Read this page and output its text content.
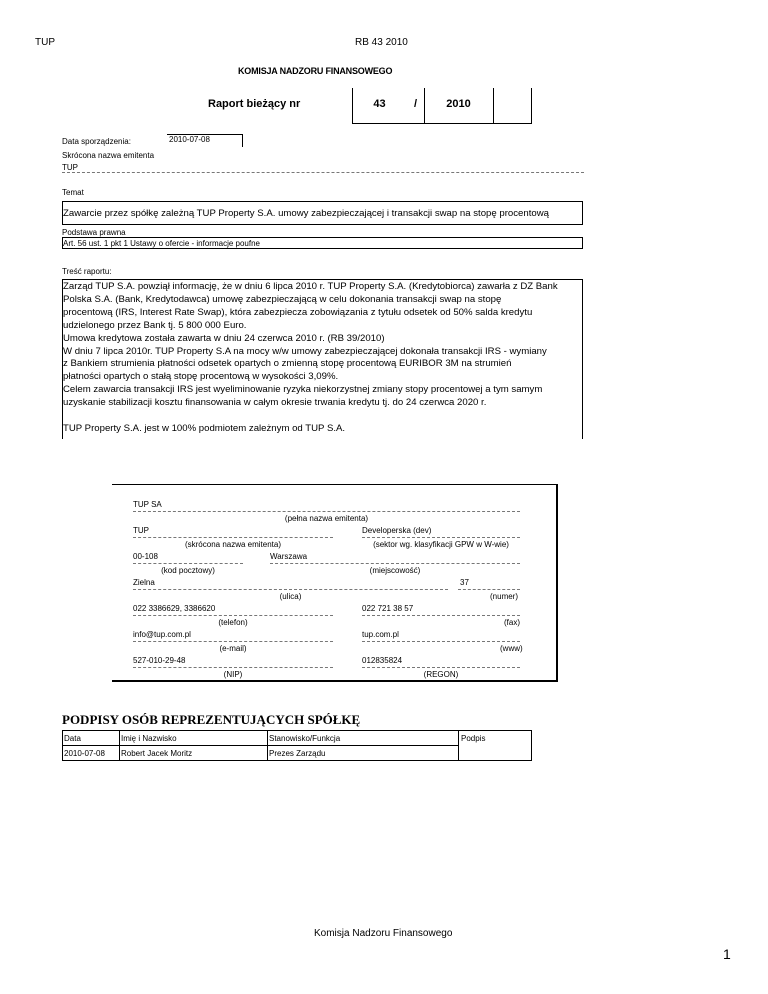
TUP	RB 43 2010
KOMISJA NADZORU FINANSOWEGO
Raport bieżący nr	43	/	2010
Data sporządzenia:	2010-07-08
Skrócona nazwa emitenta
TUP
Temat
Zawarcie przez spółkę zależną TUP Property S.A. umowy zabezpieczającej i transakcji swap na stopę procentową
Podstawa prawna
Art. 56 ust. 1 pkt 1 Ustawy o ofercie - informacje poufne
Treść raportu:
Zarząd TUP S.A. powziął informację, że w dniu 6 lipca 2010 r. TUP Property S.A. (Kredytobiorca) zawarła z DZ Bank
Polska S.A. (Bank, Kredytodawca) umowę zabezpieczającą w celu dokonania transakcji swap na stopę
procentową (IRS, Interest Rate Swap), która zabezpiecza zobowiązania z tytułu odsetek od 50% salda kredytu
udzielonego przez Bank tj. 5 800 000 Euro.
Umowa kredytowa została zawarta w dniu 24 czerwca 2010 r. (RB 39/2010)
W dniu 7 lipca 2010r. TUP Property S.A na mocy w/w umowy zabezpieczającej dokonała transakcji IRS - wymiany
z Bankiem strumienia płatności odsetek opartych o zmienną stopę procentową EURIBOR 3M na strumień
płatności opartych o stałą stopę procentową w wysokości 3,09%.
Celem zawarcia transakcji IRS jest wyeliminowanie ryzyka niekorzystnej zmiany stopy procentowej a tym samym
uzyskanie stabilizacji kosztu finansowania w całym okresie trwania kredytu tj. do 24 czerwca 2020 r.
TUP Property S.A. jest w 100% podmiotem zależnym od TUP S.A.
TUP SA
(pełna nazwa emitenta)
TUP
(skrócona nazwa emitenta)
Developerska (dev)
(sektor wg. klasyfikacji GPW w W-wie)
00-108
(kod pocztowy)
Warszawa
(miejscowość)
Zielna
(ulica)
37
(numer)
022 3386629, 3386620
(telefon)
022 721 38 57
(fax)
info@tup.com.pl
(e-mail)
tup.com.pl
(www)
527-010-29-48
(NIP)
012835824
(REGON)
PODPISY OSÓB REPREZENTUJĄCYCH SPÓŁKĘ
Data	Imię i Nazwisko	Stanowisko/Funkcja	Podpis
2010-07-08	Robert Jacek Moritz	Prezes Zarządu	
Komisja Nadzoru Finansowego
1
